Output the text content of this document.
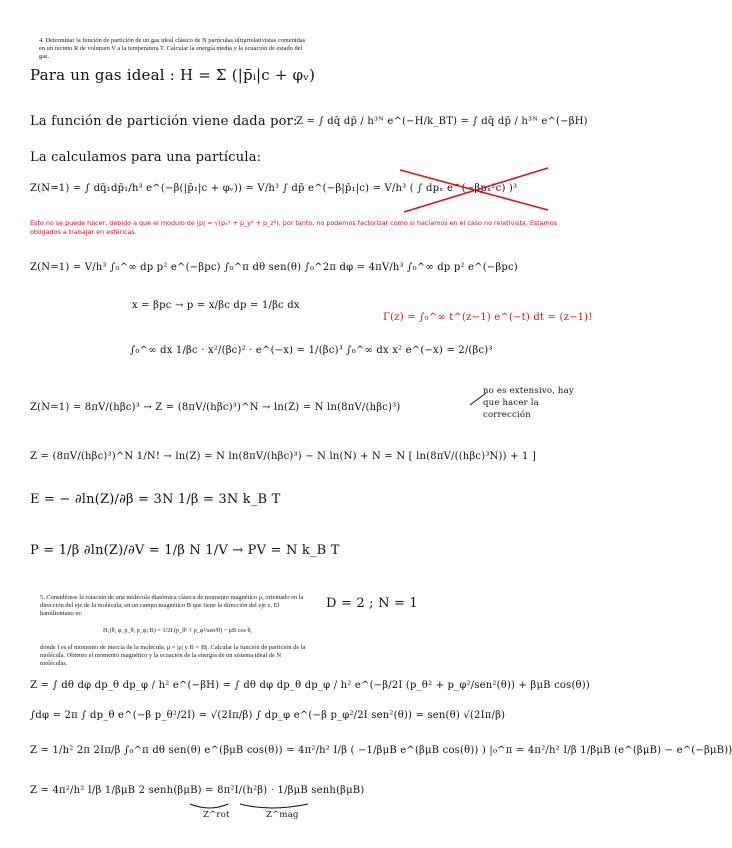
4. Determinar la función de partición de un gas ideal clásico de N partículas ultrarrelativistas contenidas en un recinto R de volumen V a la temperatura T. Calcular la energía media y la ecuación de estado del gas.

Para un gas ideal : H = Σ (|p̄ᵢ|c + φᵥ)
La función de partición viene dada por:
Z = ∫ dq̄ dp̄ / h³ᴺ e^(−H/k_BT) = ∫ dq̄ dp̄ / h³ᴺ e^(−βH)
La calculamos para una partícula:
Z(N=1) = ∫ dq̄₁dp̄₁/h³ e^(−β(|p̄₁|c + φᵥ)) = V/h³ ∫ dp̄ e^(−β|p̄₁|c) = V/h³ ( ∫ dpₓ e^(−βpₓ²c) )³

Esto no se puede hacer, debido a que el modulo de |p| = √(pₓ² + p_y² + p_z²), por tanto, no podemos factorizar como si hacíamos en el caso no relativista. Estamos obligados a trabajar en esféricas.

Z(N=1) = V/h³ ∫₀^∞ dp p² e^(−βpc) ∫₀^π dθ sen(θ) ∫₀^2π dφ = 4πV/h³ ∫₀^∞ dp p² e^(−βpc)
x = βpc → p = x/βc dp = 1/βc dx
Γ(z) = ∫₀^∞ t^(z−1) e^(−t) dt = (z−1)!
∫₀^∞ dx 1/βc · x²/(βc)² · e^(−x) = 1/(βc)³ ∫₀^∞ dx x² e^(−x) = 2/(βc)³
Z(N=1) = 8πV/(hβc)³ → Z = (8πV/(hβc)³)^N → ln(Z) = N ln(8πV/(hβc)³)
no es extensivo, hay que hacer la corrección
Z = (8πV/(hβc)³)^N 1/N! → ln(Z) = N ln(8πV/(hβc)³) − N ln(N) + N = N [ ln(8πV/((hβc)³N)) + 1 ]
E = − ∂ln(Z)/∂β = 3N 1/β = 3N k_B T
P = 1/β ∂ln(Z)/∂V = 1/β N 1/V → PV = N k_B T

5. Considérese la rotación de una molécula diatómica clásica de momento magnético μ, orientado en la dirección del eje de la molécula, en un campo magnético B que tiene la dirección del eje z. El hamiltoniano es:

H₁(θ, φ, p_θ, p_φ; B) = 1/2I (p_θ² + p_φ²/sen²θ) − μB cos θ,

donde I es el momento de inercia de la molécula, μ = |μ| y B = |B|. Calcular la función de partición de la molécula. Obtener el momento magnético y la ecuación de la energía de un sistema ideal de N moléculas.

D = 2 ; N = 1
Z = ∫ dθ dφ dp_θ dp_φ / h² e^(−βH) = ∫ dθ dφ dp_θ dp_φ / h² e^(−β/2I (p_θ² + p_φ²/sen²(θ)) + βμB cos(θ))
∫dφ = 2π ∫ dp_θ e^(−β p_θ²/2I) = √(2Iπ/β) ∫ dp_φ e^(−β p_φ²/2I sen²(θ)) = sen(θ) √(2Iπ/β)
Z = 1/h² 2π 2Iπ/β ∫₀^π dθ sen(θ) e^(βμB cos(θ)) = 4π²/h² I/β ( −1/βμB e^(βμB cos(θ)) ) |₀^π = 4π²/h² I/β 1/βμB (e^(βμB) − e^(−βμB))
Z = 4π²/h² I/β 1/βμB 2 senh(βμB) = 8π²I/(h²β) · 1/βμB senh(βμB)
Z^rot	Z^mag
